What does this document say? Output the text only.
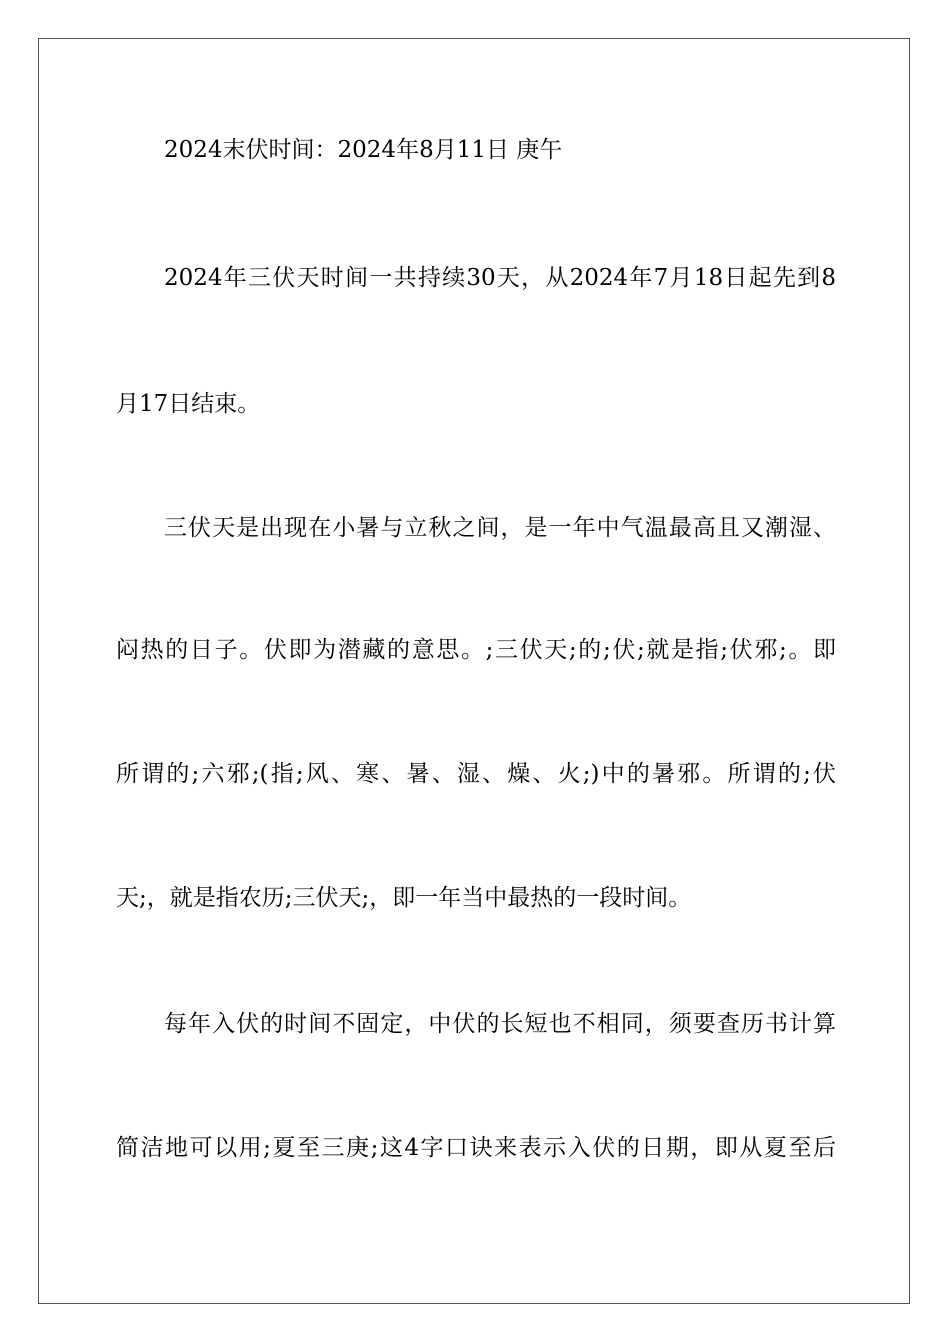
2024末伏时间：2024年8月11日 庚午
2024年三伏天时间一共持续30天，从2024年7月18日起先到8
月17日结束。
三伏天是出现在小暑与立秋之间，是一年中气温最高且又潮湿、
闷热的日子。伏即为潜藏的意思。;三伏天;的;伏;就是指;伏邪;。即
所谓的;六邪;(指;风、寒、暑、湿、燥、火;)中的暑邪。所谓的;伏
天;，就是指农历;三伏天;，即一年当中最热的一段时间。
每年入伏的时间不固定，中伏的长短也不相同，须要查历书计算
简洁地可以用;夏至三庚;这4字口诀来表示入伏的日期，即从夏至后
